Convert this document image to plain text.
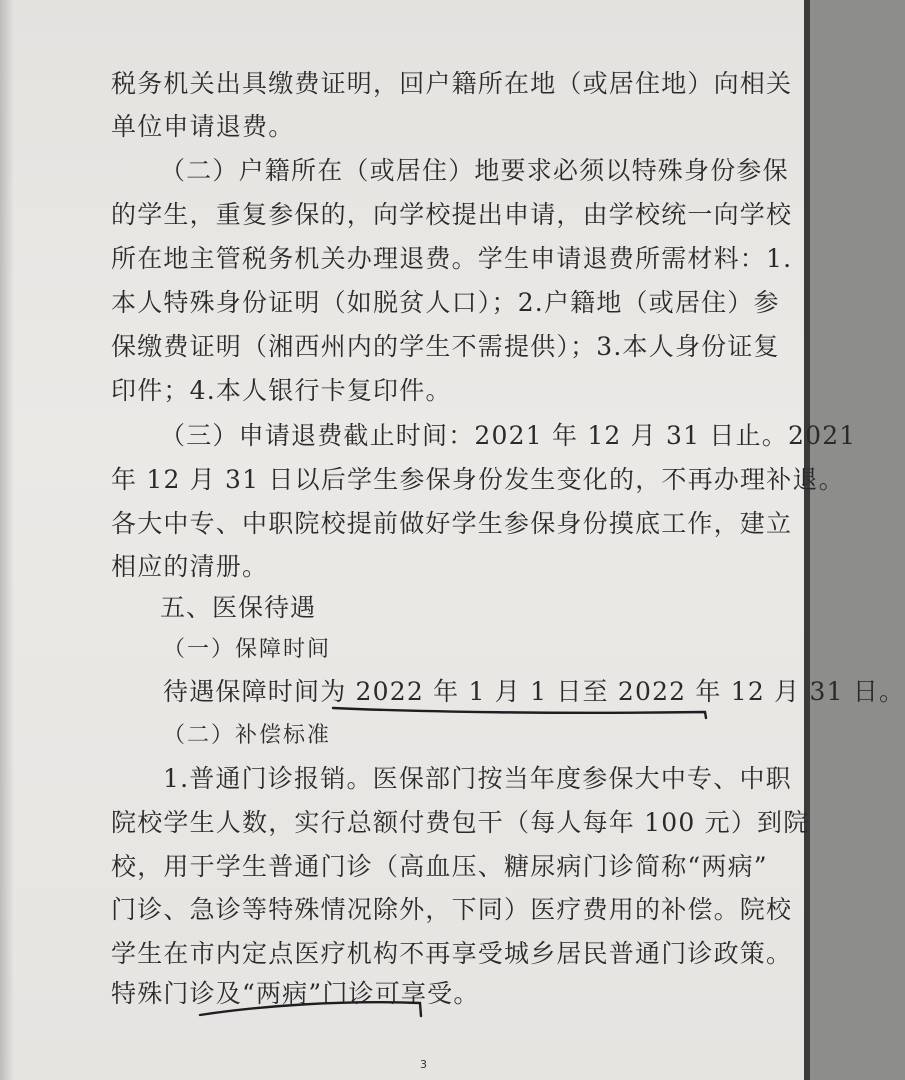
税务机关出具缴费证明，回户籍所在地（或居住地）向相关

单位申请退费。

（二）户籍所在（或居住）地要求必须以特殊身份参保

的学生，重复参保的，向学校提出申请，由学校统一向学校

所在地主管税务机关办理退费。学生申请退费所需材料：1.

本人特殊身份证明（如脱贫人口）；2.户籍地（或居住）参

保缴费证明（湘西州内的学生不需提供）；3.本人身份证复

印件；4.本人银行卡复印件。

（三）申请退费截止时间：2021 年 12 月 31 日止。2021

年 12 月 31 日以后学生参保身份发生变化的，不再办理补退。

各大中专、中职院校提前做好学生参保身份摸底工作，建立

相应的清册。

五、医保待遇

（一）保障时间

待遇保障时间为 2022 年 1 月 1 日至 2022 年 12 月 31 日。

（二）补偿标准

1.普通门诊报销。医保部门按当年度参保大中专、中职

院校学生人数，实行总额付费包干（每人每年 100 元）到院

校，用于学生普通门诊（高血压、糖尿病门诊简称“两病”

门诊、急诊等特殊情况除外，下同）医疗费用的补偿。院校

学生在市内定点医疗机构不再享受城乡居民普通门诊政策。

特殊门诊及“两病”门诊可享受。

3
